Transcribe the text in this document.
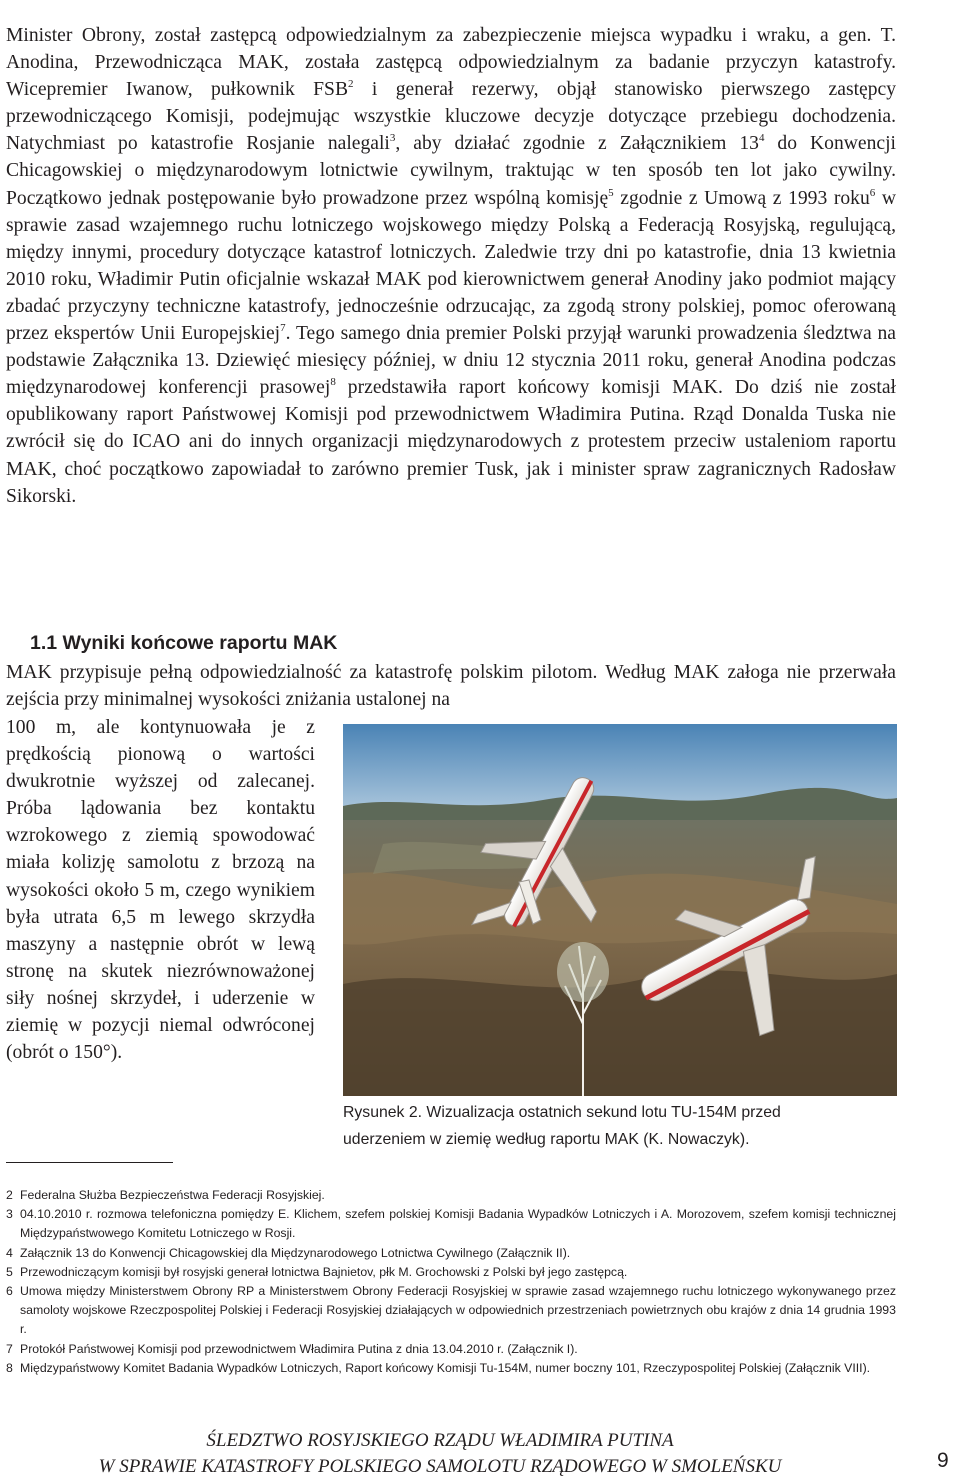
Minister Obrony, został zastępcą odpowiedzialnym za zabezpieczenie miejsca wypadku i wraku, a gen. T. Anodina, Przewodnicząca MAK, została zastępcą odpowiedzialnym za badanie przyczyn katastrofy. Wicepremier Iwanow, pułkownik FSB$^2$ i generał rezerwy, objął stanowisko pierwszego zastępcy przewodniczącego Komisji, podejmując wszystkie kluczowe decyzje dotyczące przebiegu dochodzenia. Natychmiast po katastrofie Rosjanie nalegali$^3$, aby działać zgodnie z Załącznikiem $13^4$ do Konwencji Chicagowskiej o międzynarodowym lotnictwie cywilnym, traktując w ten sposób ten lot jako cywilny. Początkowo jednak postępowanie było prowadzone przez wspólną komisję$^5$ zgodnie z Umową z 1993 roku$^6$ w sprawie zasad wzajemnego ruchu lotniczego wojskowego między Polską a Federacją Rosyjską, regulującą, między innymi, procedury dotyczące katastrof lotniczych. Zaledwie trzy dni po katastrofie, dnia 13 kwietnia 2010 roku, Władimir Putin oficjalnie wskazał MAK pod kierownictwem generał Anodiny jako podmiot mający zbadać przyczyny techniczne katastrofy, jednocześnie odrzucając, za zgodą strony polskiej, pomoc oferowaną przez ekspertów Unii Europejskiej$^7$. Tego samego dnia premier Polski przyjął warunki prowadzenia śledztwa na podstawie Załącznika 13. Dziewięć miesięcy później, w dniu 12 stycznia 2011 roku, generał Anodina podczas międzynarodowej konferencji prasowej$^8$ przedstawiła raport końcowy komisji MAK. Do dziś nie został opublikowany raport Państwowej Komisji pod przewodnictwem Władimira Putina. Rząd Donalda Tuska nie zwrócił się do ICAO ani do innych organizacji międzynarodowych z protestem przeciw ustaleniom raportu MAK, choć początkowo zapowiadał to zarówno premier Tusk, jak i minister spraw zagranicznych Radosław Sikorski.

1.1 Wyniki końcowe raportu MAK

MAK przypisuje pełną odpowiedzialność za katastrofę polskim pilotom. Według MAK załoga nie przerwała zejścia przy minimalnej wysokości zniżania ustalonej na

100 m, ale kontynuowała je z prędkością pionową o wartości dwukrotnie wyższej od zalecanej. Próba lądowania bez kontaktu wzrokowego z ziemią spowodować miała kolizję samolotu z brzozą na wysokości około 5 m, czego wynikiem była utrata 6,5 m lewego skrzydła maszyny a następnie obrót w lewą stronę na skutek niezrównoważonej siły nośnej skrzydeł, i uderzenie w ziemię w pozycji niemal odwróconej (obrót o 150°).

Rysunek 2. Wizualizacja ostatnich sekund lotu TU-154M przed
uderzeniem w ziemię według raportu MAK (K. Nowaczyk).
2 Federalna Służba Bezpieczeństwa Federacji Rosyjskiej.
3 04.10.2010 r. rozmowa telefoniczna pomiędzy E. Klichem, szefem polskiej Komisji Badania Wypadków Lotniczych i A. Morozovem, szefem komisji technicznej Międzypaństwowego Komitetu Lotniczego w Rosji.
4 Załącznik 13 do Konwencji Chicagowskiej dla Międzynarodowego Lotnictwa Cywilnego (Załącznik II).
5 Przewodniczącym komisji był rosyjski generał lotnictwa Bajnietov, płk M. Grochowski z Polski był jego zastępcą.
6 Umowa między Ministerstwem Obrony RP a Ministerstwem Obrony Federacji Rosyjskiej w sprawie zasad wzajemnego ruchu lotniczego wykonywanego przez samoloty wojskowe Rzeczpospolitej Polskiej i Federacji Rosyjskiej działających w odpowiednich przestrzeniach powietrznych obu krajów z dnia 14 grudnia 1993 r.
7 Protokół Państwowej Komisji pod przewodnictwem Władimira Putina z dnia 13.04.2010 r. (Załącznik I).
8 Międzypaństwowy Komitet Badania Wypadków Lotniczych, Raport końcowy Komisji Tu-154M, numer boczny 101, Rzeczypospolitej Polskiej (Załącznik VIII).
ŚLEDZTWO ROSYJSKIEGO RZĄDU WŁADIMIRA PUTINA
W SPRAWIE KATASTROFY POLSKIEGO SAMOLOTU RZĄDOWEGO W SMOLEŃSKU	9
